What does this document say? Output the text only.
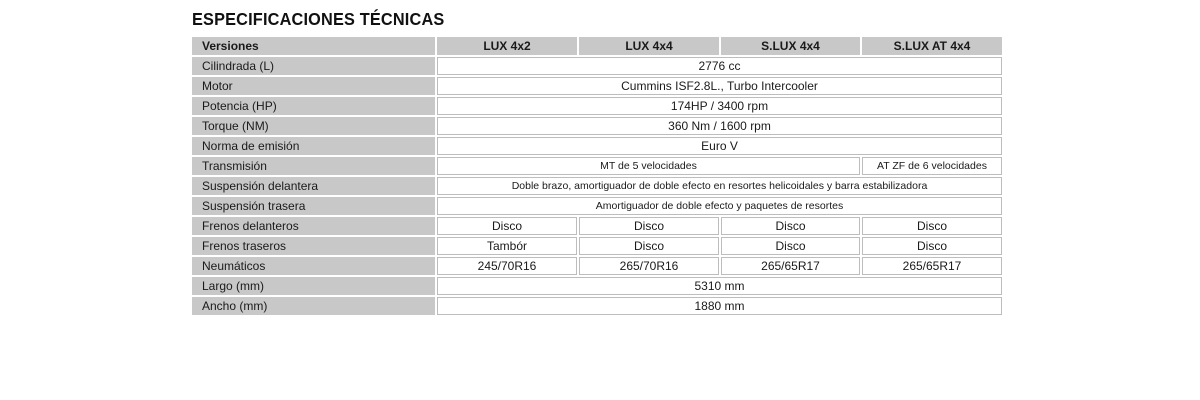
ESPECIFICACIONES TÉCNICAS
Versiones	LUX 4x2	LUX 4x4	S.LUX 4x4	S.LUX AT 4x4
Cilindrada (L)	2776 cc			
Motor	Cummins ISF2.8L., Turbo Intercooler			
Potencia (HP)	174HP / 3400 rpm			
Torque (NM)	360 Nm / 1600 rpm			
Norma de emisión	Euro V			
Transmisión	MT de 5 velocidades			AT ZF de 6 velocidades
Suspensión delantera	Doble brazo, amortiguador de doble efecto en resortes helicoidales y barra estabilizadora			
Suspensión trasera	Amortiguador de doble efecto y paquetes de resortes			
Frenos delanteros	Disco	Disco	Disco	Disco
Frenos traseros	Tambór	Disco	Disco	Disco
Neumáticos	245/70R16	265/70R16	265/65R17	265/65R17
Largo (mm)	5310 mm			
Ancho (mm)	1880 mm			
